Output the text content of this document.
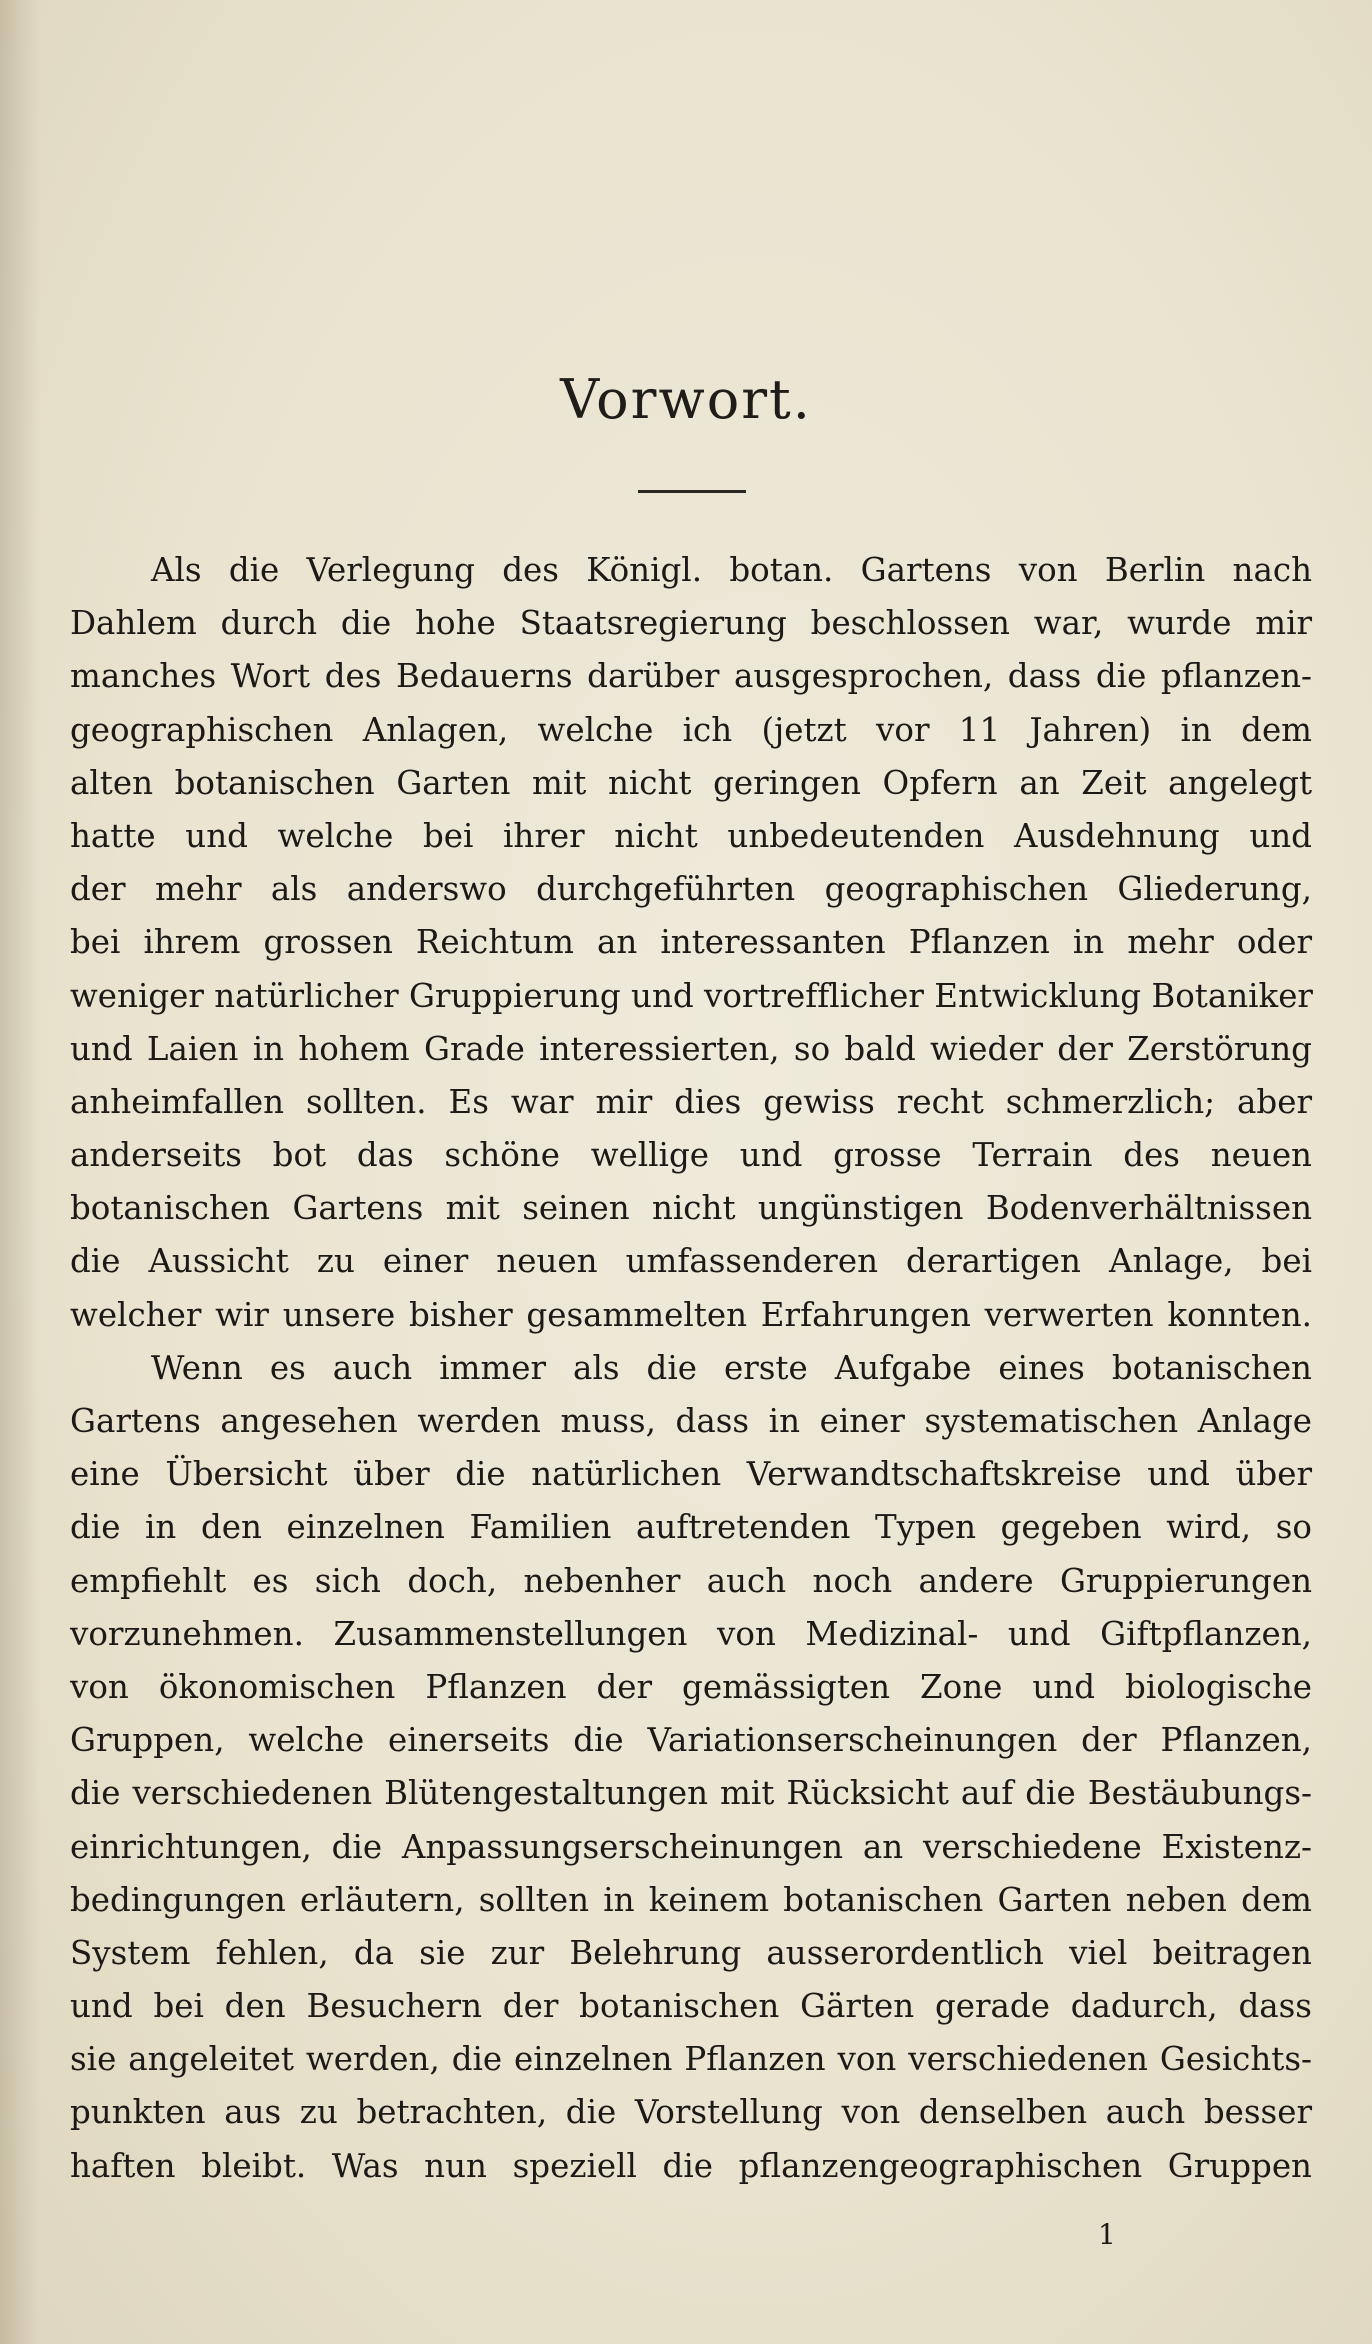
Vorwort.
Als die Verlegung des Königl. botan. Gartens von Berlin nach
Dahlem durch die hohe Staatsregierung beschlossen war, wurde mir
manches Wort des Bedauerns darüber ausgesprochen, dass die pflanzen-
geographischen Anlagen, welche ich (jetzt vor 11 Jahren) in dem
alten botanischen Garten mit nicht geringen Opfern an Zeit angelegt
hatte und welche bei ihrer nicht unbedeutenden Ausdehnung und
der mehr als anderswo durchgeführten geographischen Gliederung,
bei ihrem grossen Reichtum an interessanten Pflanzen in mehr oder
weniger natürlicher Gruppierung und vortrefflicher Entwicklung Botaniker
und Laien in hohem Grade interessierten, so bald wieder der Zerstörung
anheimfallen sollten. Es war mir dies gewiss recht schmerzlich; aber
anderseits bot das schöne wellige und grosse Terrain des neuen
botanischen Gartens mit seinen nicht ungünstigen Bodenverhältnissen
die Aussicht zu einer neuen umfassenderen derartigen Anlage, bei
welcher wir unsere bisher gesammelten Erfahrungen verwerten konnten.
Wenn es auch immer als die erste Aufgabe eines botanischen
Gartens angesehen werden muss, dass in einer systematischen Anlage
eine Übersicht über die natürlichen Verwandtschaftskreise und über
die in den einzelnen Familien auftretenden Typen gegeben wird, so
empfiehlt es sich doch, nebenher auch noch andere Gruppierungen
vorzunehmen. Zusammenstellungen von Medizinal- und Giftpflanzen,
von ökonomischen Pflanzen der gemässigten Zone und biologische
Gruppen, welche einerseits die Variationserscheinungen der Pflanzen,
die verschiedenen Blütengestaltungen mit Rücksicht auf die Bestäubungs-
einrichtungen, die Anpassungserscheinungen an verschiedene Existenz-
bedingungen erläutern, sollten in keinem botanischen Garten neben dem
System fehlen, da sie zur Belehrung ausserordentlich viel beitragen
und bei den Besuchern der botanischen Gärten gerade dadurch, dass
sie angeleitet werden, die einzelnen Pflanzen von verschiedenen Gesichts-
punkten aus zu betrachten, die Vorstellung von denselben auch besser
haften bleibt. Was nun speziell die pflanzengeographischen Gruppen
1
